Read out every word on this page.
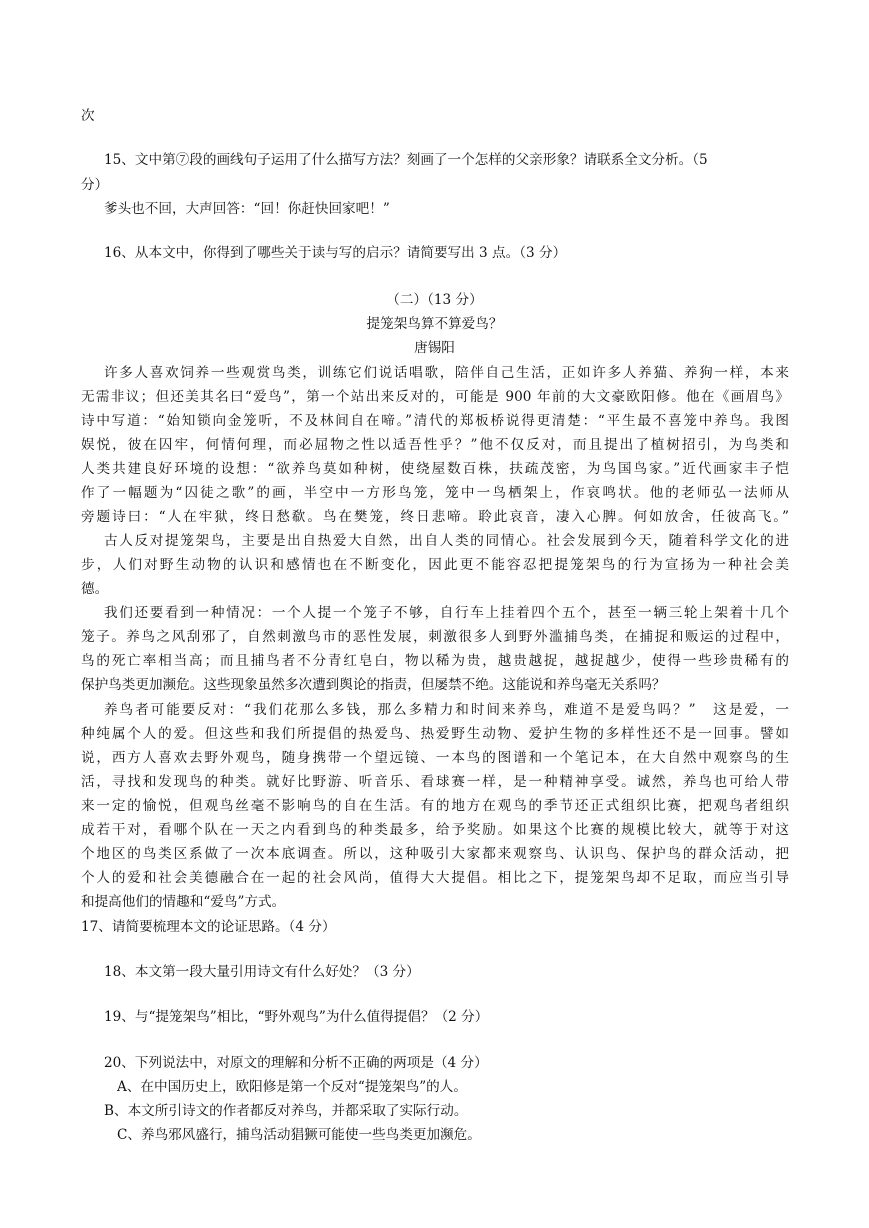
次
15、文中第⑦段的画线句子运用了什么描写方法？刻画了一个怎样的父亲形象？请联系全文分析。（5
分）
爹头也不回，大声回答：“回！你赶快回家吧！”
16、从本文中，你得到了哪些关于读与写的启示？请简要写出 3 点。（3 分）
（二）（13 分）
提笼架鸟算不算爱鸟？
唐锡阳
许多人喜欢饲养一些观赏鸟类，训练它们说话唱歌，陪伴自己生活，正如许多人养猫、养狗一样，本来
无需非议；但还美其名曰“爱鸟”，第一个站出来反对的，可能是 900 年前的大文豪欧阳修。他在《画眉鸟》
诗中写道：“始知锁向金笼听，不及林间自在啼。”清代的郑板桥说得更清楚：“平生最不喜笼中养鸟。我图
娱悦，彼在囚牢，何情何理，而必屈物之性以适吾性乎？”他不仅反对，而且提出了植树招引，为鸟类和
人类共建良好环境的设想：“欲养鸟莫如种树，使绕屋数百株，扶疏茂密，为鸟国鸟家。”近代画家丰子恺
作了一幅题为“囚徒之歌”的画，半空中一方形鸟笼，笼中一鸟栖架上，作哀鸣状。他的老师弘一法师从
旁题诗曰：“人在牢狱，终日愁欷。鸟在樊笼，终日悲啼。聆此哀音，凄入心脾。何如放舍，任彼高飞。”
古人反对提笼架鸟，主要是出自热爱大自然，出自人类的同情心。社会发展到今天，随着科学文化的进
步，人们对野生动物的认识和感情也在不断变化，因此更不能容忍把提笼架鸟的行为宣扬为一种社会美
德。
我们还要看到一种情况：一个人提一个笼子不够，自行车上挂着四个五个，甚至一辆三轮上架着十几个
笼子。养鸟之风刮邪了，自然刺激鸟市的恶性发展，刺激很多人到野外滥捕鸟类，在捕捉和贩运的过程中，
鸟的死亡率相当高；而且捕鸟者不分青红皂白，物以稀为贵，越贵越捉，越捉越少，使得一些珍贵稀有的
保护鸟类更加濒危。这些现象虽然多次遭到舆论的指责，但屡禁不绝。这能说和养鸟毫无关系吗？
养鸟者可能要反对：“我们花那么多钱，那么多精力和时间来养鸟，难道不是爱鸟吗？”　这是爱，一
种纯属个人的爱。但这些和我们所提倡的热爱鸟、热爱野生动物、爱护生物的多样性还不是一回事。譬如
说，西方人喜欢去野外观鸟，随身携带一个望远镜、一本鸟的图谱和一个笔记本，在大自然中观察鸟的生
活，寻找和发现鸟的种类。就好比野游、听音乐、看球赛一样，是一种精神享受。诚然，养鸟也可给人带
来一定的愉悦，但观鸟丝毫不影响鸟的自在生活。有的地方在观鸟的季节还正式组织比赛，把观鸟者组织
成若干对，看哪个队在一天之内看到鸟的种类最多，给予奖励。如果这个比赛的规模比较大，就等于对这
个地区的鸟类区系做了一次本底调查。所以，这种吸引大家都来观察鸟、认识鸟、保护鸟的群众活动，把
个人的爱和社会美德融合在一起的社会风尚，值得大大提倡。相比之下，提笼架鸟却不足取，而应当引导
和提高他们的情趣和“爱鸟”方式。
17、请简要梳理本文的论证思路。（4 分）
18、本文第一段大量引用诗文有什么好处？（3 分）
19、与“提笼架鸟”相比，“野外观鸟”为什么值得提倡？（2 分）
20、下列说法中，对原文的理解和分析不正确的两项是（4 分）
A、在中国历史上，欧阳修是第一个反对“提笼架鸟”的人。
B、本文所引诗文的作者都反对养鸟，并都采取了实际行动。
C、养鸟邪风盛行，捕鸟活动猖獗可能使一些鸟类更加濒危。
